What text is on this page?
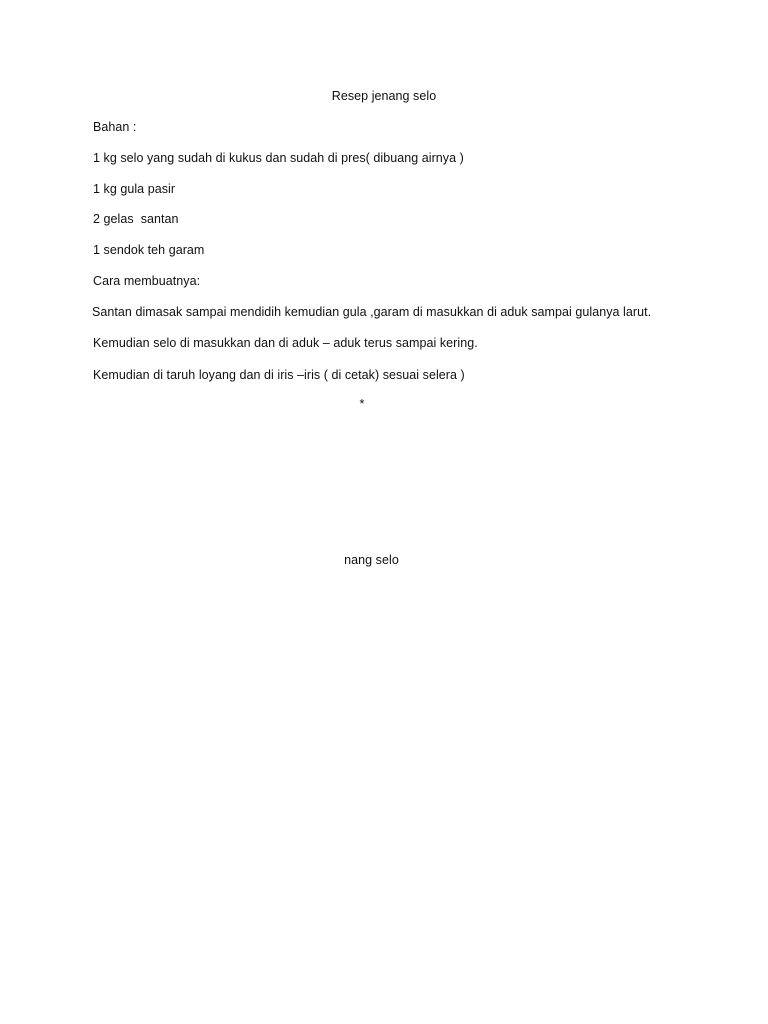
Resep jenang selo
Bahan :
1 kg selo yang sudah di kukus dan sudah di pres( dibuang airnya )
1 kg gula pasir
2 gelas  santan
1 sendok teh garam
Cara membuatnya:
Santan dimasak sampai mendidih kemudian gula ,garam di masukkan di aduk sampai gulanya larut.
Kemudian selo di masukkan dan di aduk – aduk terus sampai kering.
Kemudian di taruh loyang dan di iris –iris ( di cetak) sesuai selera )
*
nang selo
